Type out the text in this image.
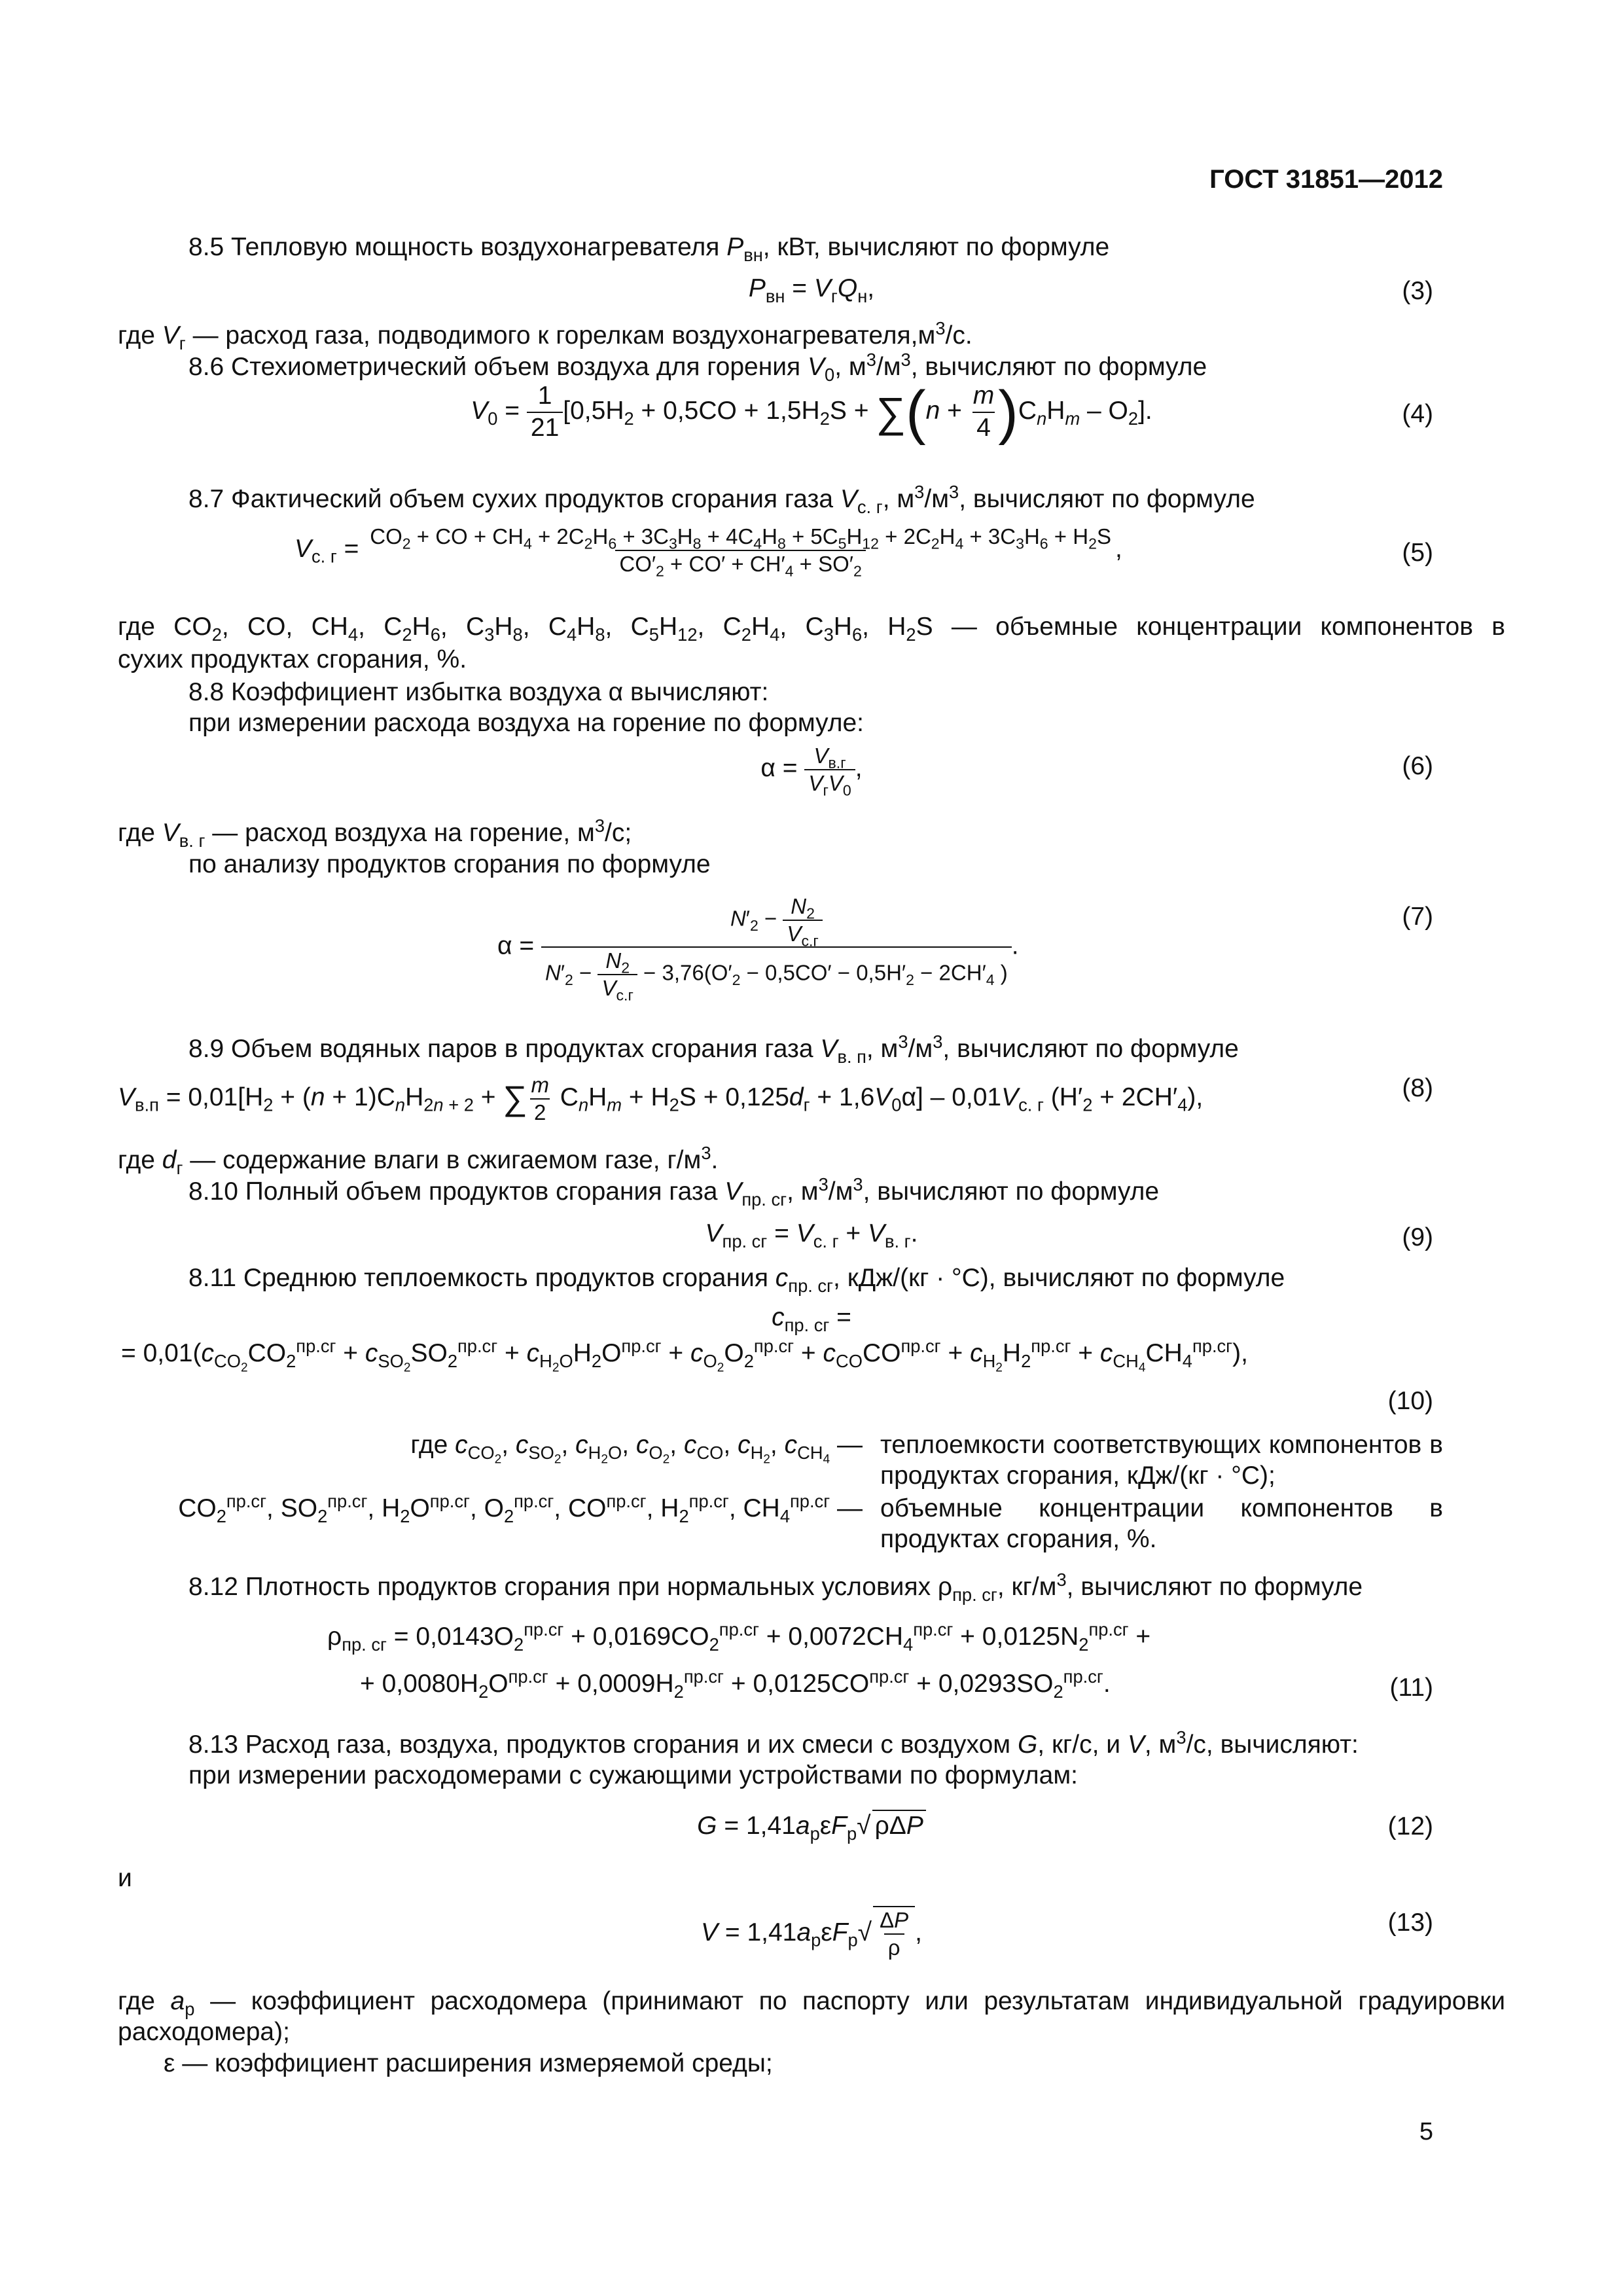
ГОСТ 31851—2012
8.5 Тепловую мощность воздухонагревателя $P_{вн}$, кВт, вычисляют по формуле
$P_{вн} = V_гQ_н$,	(3)
где $V_г$ — расход газа, подводимого к горелкам $воздухонагревателя,м^3/с$.
8.6 Стехиометрический объем воздуха для горения $V_0$, $м^3/м^3$, вычисляют по формуле
$V_0 = \frac{1}{21} [0,5H_2 + 0,5CO + 1,5H_2S + \sum(n + \frac{m}{4} )C_nH_m - O_2]$.	(4)
8.7 Фактический объем сухих продуктов сгорания газа $V_{с. г}$, $м^3/м^3$, вычисляют по формуле
$V_{с. г} = CO_2$ + CO + $CH_4 + 2C_2H_6 + 3C_3H_8 + 4C_4H_8 + 5C_5H_{12} + 2C_2H_4 + 3C_3H_6 + H_2S$
$CO'_2 + CO' + CH'_4 + SO'_2$
,	(5)
где $CO_2$, CO, $CH_4$, $C_2H_6$, $C_3H_8$, $C_4H_8$, $C_5H_{12}$, $C_2H_4$, $C_3H_6$, $H_2S$ — объемные концентрации компонентов в
сухих продуктах сгорания, %.
8.8 Коэффициент избытка воздуха α вычисляют:
при измерении расхода воздуха на горение по формуле:
$\alpha = \frac{V_{в.г}}{V_гV_0}$ ,	(6)
где $V_{в. г}$ — расход воздуха на горение, $м^3/с$;
по анализу продуктов сгорания по формуле
$\alpha = \frac{N'_2 - \frac{N_2}{V_{с.г}}}{N'_2 - \frac{N_2}{V_{с.г}} - 3,76(O'_2 - 0,5CO' - 0,5H'_2 - 2CH'_4 )}$ .
(7)
8.9 Объем водяных паров в продуктах сгорания газа $V_{в. п}$, $м^3/м^3$, вычисляют по формуле
$V_{в.п} = 0,01[H_2 + (n + 1)C_nH_{2n + 2}$ + ∑ $\frac{m}{2} C_nH_m + H_2S + 0,125d_г + 1,6V_0\alpha] - 0,01V_{с. г}$ $(H'_2 + 2CH'_4)$,	(8)
где $d_г$ — содержание влаги в сжигаемом газе, $г/м^3$.
8.10 Полный объем продуктов сгорания газа $V_{пр. сг}$, $м^3/м^3$, вычисляют по формуле
$V_{пр. сг} = V_{с. г} + V_{в. г}$.	(9)
8.11 Среднюю теплоемкость продуктов сгорания $c_{пр. сг}$, кДж/(кг · °С), вычисляют по формуле
$c_{пр. сг}$ =
= $0,01(c_{CO_2}CO_2^{пр.сг} + c_{SO_2}SO_2^{пр.сг} + c_{H_2O}H_2O^{пр.сг} + c_{O_2}O_2^{пр.сг} + c_{CO}CO^{пр.сг} + c_{H_2}H_2^{пр.сг} + c_{CH_4}CH_4^{пр.сг})$,
(10)
где $c_{CO_2}$, $c_{SO_2}$, $c_{H_2O}$, $c_{O_2}$, $c_{CO}$, $c_{H_2}$, $c_{CH_4}$ — теплоемкости соответствующих компонентов в продуктах сгорания, кДж/(кг · °С);
$CO_2^{пр.сг}$, $SO_2^{пр.сг}$, $H_2O^{пр.сг}$, $O_2^{пр.сг}$, $CO^{пр.сг}$, $H_2^{пр.сг}$, $CH_4^{пр.сг}$ — объемные концентрации компонентов в продуктах сгорания, %.
8.12 Плотность продуктов сгорания при нормальных условиях $\rho_{пр. сг}$, $кг/м^3$, вычисляют по формуле
$\rho_{пр. сг} = 0,0143O_2^{пр.сг} + 0,0169CO_2^{пр.сг} + 0,0072CH_4^{пр.сг} + 0,0125N_2^{пр.сг}$ +
+ $0,0080H_2O^{пр.сг} + 0,0009H_2^{пр.сг} + 0,0125CO^{пр.сг} + 0,0293SO_2^{пр.сг}$.	(11)
8.13 Расход газа, воздуха, продуктов сгорания и их смеси с воздухом G, кг/с, и V, $м^3/с$, вычисляют:
при измерении расходомерами с сужающими устройствами по формулам:
$G = 1,41a_р\varepsilon F_р√$ ρΔP	(12)
и
$V = 1,41a_р\varepsilon F_р√ \frac{\Delta P}{\rho}$ ,	(13)
где $a_р$ — коэффициент расходомера (принимают по паспорту или результатам индивидуальной градуировки расходомера);
ε — коэффициент расширения измеряемой среды;
5
